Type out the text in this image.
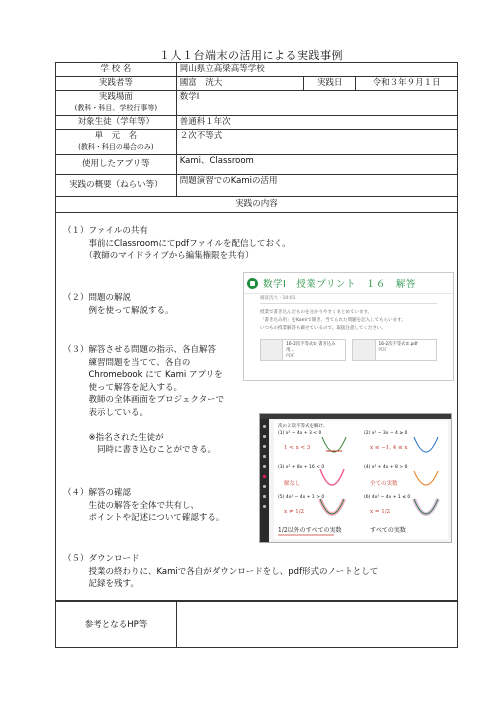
１人１台端末の活用による実践事例
学 校 名	岡山県立高梁高等学校		
実践者等	國富　洸大	実践日	令和３年９月１日

実践場面
(教科・科目、学校行事等)	数学Ⅰ		
対象生徒（学年等）	普通科１年次		

単　元　名
(教科・科目の場合のみ)	２次不等式		
使用したアプリ等	Kami、Classroom		
実践の概要（ねらい等）	問題演習でのKamiの活用		
実践の内容			
（１）ファイルの共有
　　　事前にClassroomにてpdfファイルを配信しておく。
　　　（教師のマイドライブから編集権限を共有）
（２）問題の解説
　　　例を使って解説する。
（３）解答させる問題の指示、各自解答
　　　練習問題を当てて、各自の
　　　Chromebook にて Kami アプリを
　　　使って解答を記入する。
　　　教師の全体画面をプロジェクターで
　　　表示している。

　　　※指名された生徒が
　　　　同時に書き込むことができる。
（４）解答の確認
　　　生徒の解答を全体で共有し、
　　　ポイントや記述について確認する。
（５）ダウンロード
　　　授業の終わりに、Kamiで各自がダウンロードをし、pdf形式のノートとして
　　　記録を残す。
数学Ⅰ　授業プリント　１６　解答
國富洸大・10:01
授業で書き込んだものを分かりやすくまとめています。
「書き込み用」をKamiで開き、当てられた問題を記入してもらいます。
いつもの授業解答も載せているので、取扱注意してください。
16-2次不等式① 書き込み用...
PDF
16-2次不等式②.pdf
PDF
次の２次不等式を解け。
(1) x² − 4x + 3 < 0	(2) x² − 3x − 4 ≥ 0
1 < x < 3	x ≤ −1, 4 ≤ x
(3) x² + 8x + 16 < 0	(4) x² + 4x + 8 > 0
解なし	全ての実数
(5) 4x² − 4x + 1 > 0	(6) 4x² − 4x + 1 ≤ 0
x ≠ 1/2	x = 1/2
1/2以外のすべての実数	すべての実数
参考となるHP等
